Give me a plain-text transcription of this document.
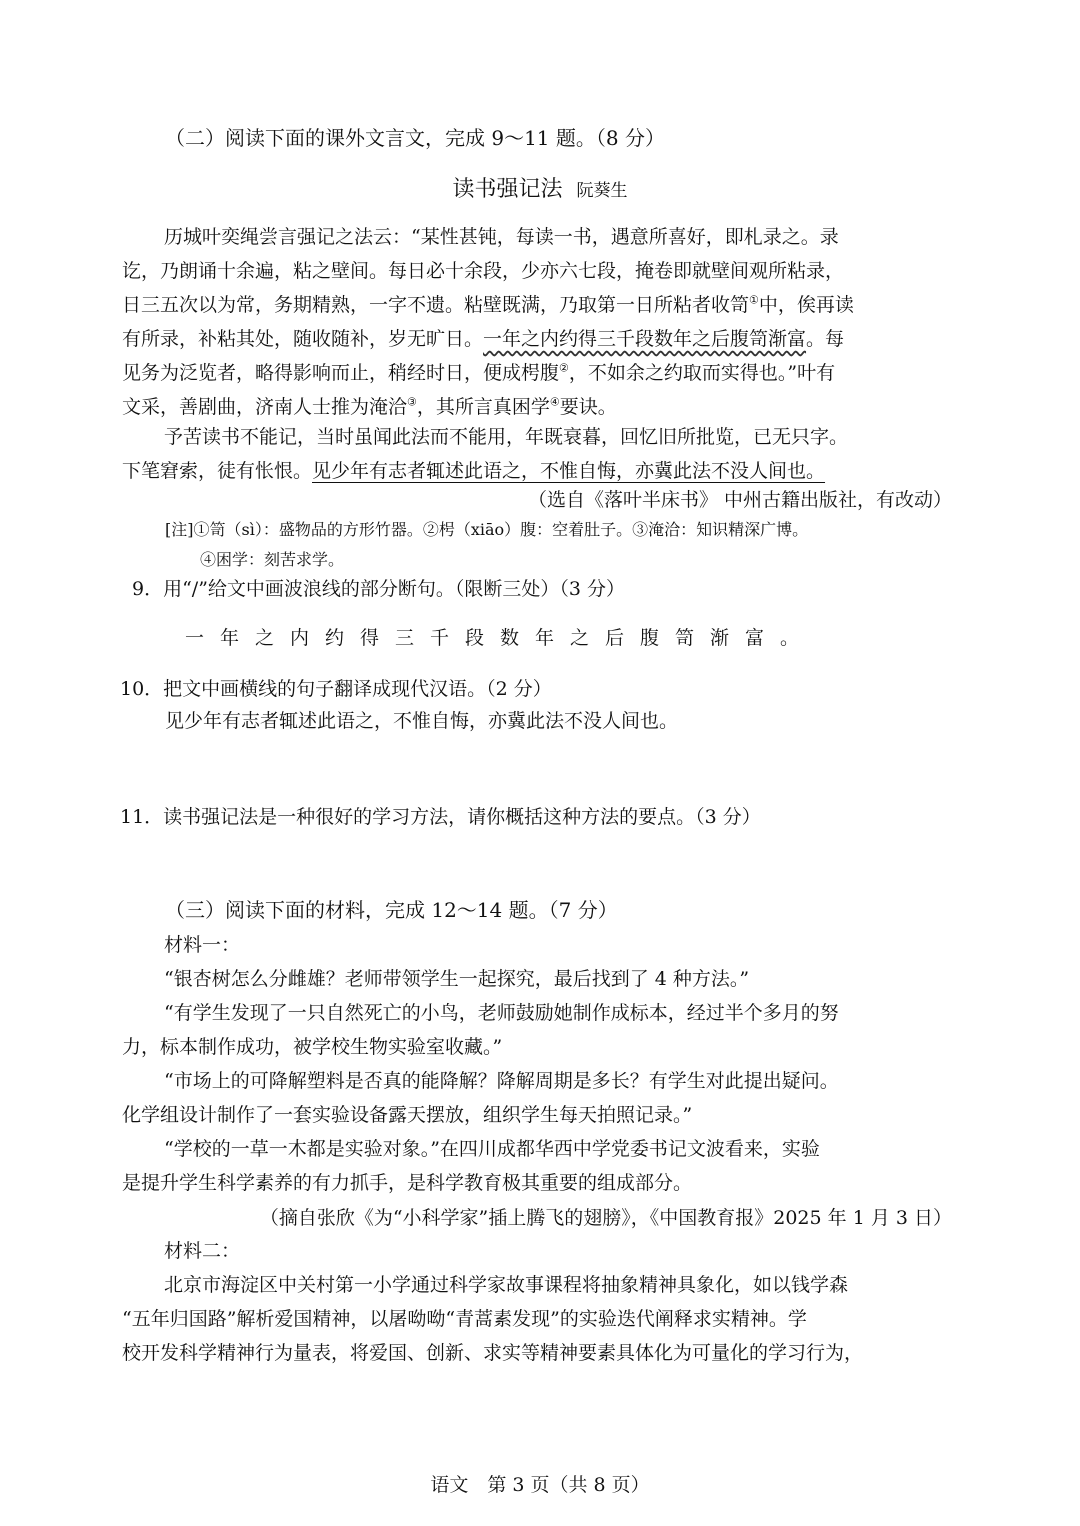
（二）阅读下面的课外文言文，完成 9～11 题。（8 分）

读书强记法 阮葵生
历城叶奕绳尝言强记之法云：“某性甚钝，每读一书，遇意所喜好，即札录之。录
讫，乃朗诵十余遍，粘之壁间。每日必十余段，少亦六七段，掩卷即就壁间观所粘录，
日三五次以为常，务期精熟，一字不遗。粘壁既满，乃取第一日所粘者收笥①中，俟再读
有所录，补粘其处，随收随补，岁无旷日。一年之内约得三千段数年之后腹笥渐富。每
见务为泛览者，略得影响而止，稍经时日，便成枵腹②，不如余之约取而实得也。”叶有
文采，善剧曲，济南人士推为淹洽③，其所言真困学④要诀。
予苦读书不能记，当时虽闻此法而不能用，年既衰暮，回忆旧所批览，已无只字。
下笔窘索，徒有怅恨。见少年有志者辄述此语之，不惟自悔，亦冀此法不没人间也。

（选自《落叶半床书》 中州古籍出版社，有改动）

[注]①笥（sì）：盛物品的方形竹器。②枵（xiāo）腹：空着肚子。③淹洽：知识精深广博。
④困学：刻苦求学。

9．用“/”给文中画波浪线的部分断句。（限断三处）（3 分）

一年之内约得三千段数年之后腹笥渐富。

10．把文中画横线的句子翻译成现代汉语。（2 分）

见少年有志者辄述此语之，不惟自悔，亦冀此法不没人间也。

11．读书强记法是一种很好的学习方法，请你概括这种方法的要点。（3 分）

（三）阅读下面的材料，完成 12～14 题。（7 分）

材料一：
“银杏树怎么分雌雄？老师带领学生一起探究，最后找到了 4 种方法。”
“有学生发现了一只自然死亡的小鸟，老师鼓励她制作成标本，经过半个多月的努
力，标本制作成功，被学校生物实验室收藏。”
“市场上的可降解塑料是否真的能降解？降解周期是多长？有学生对此提出疑问。
化学组设计制作了一套实验设备露天摆放，组织学生每天拍照记录。”
“学校的一草一木都是实验对象。”在四川成都华西中学党委书记文波看来，实验
是提升学生科学素养的有力抓手，是科学教育极其重要的组成部分。

（摘自张欣《为“小科学家”插上腾飞的翅膀》，《中国教育报》2025 年 1 月 3 日）

材料二：
北京市海淀区中关村第一小学通过科学家故事课程将抽象精神具象化，如以钱学森
“五年归国路”解析爱国精神，以屠呦呦“青蒿素发现”的实验迭代阐释求实精神。学
校开发科学精神行为量表，将爱国、创新、求实等精神要素具体化为可量化的学习行为，
语文　第 3 页（共 8 页）
